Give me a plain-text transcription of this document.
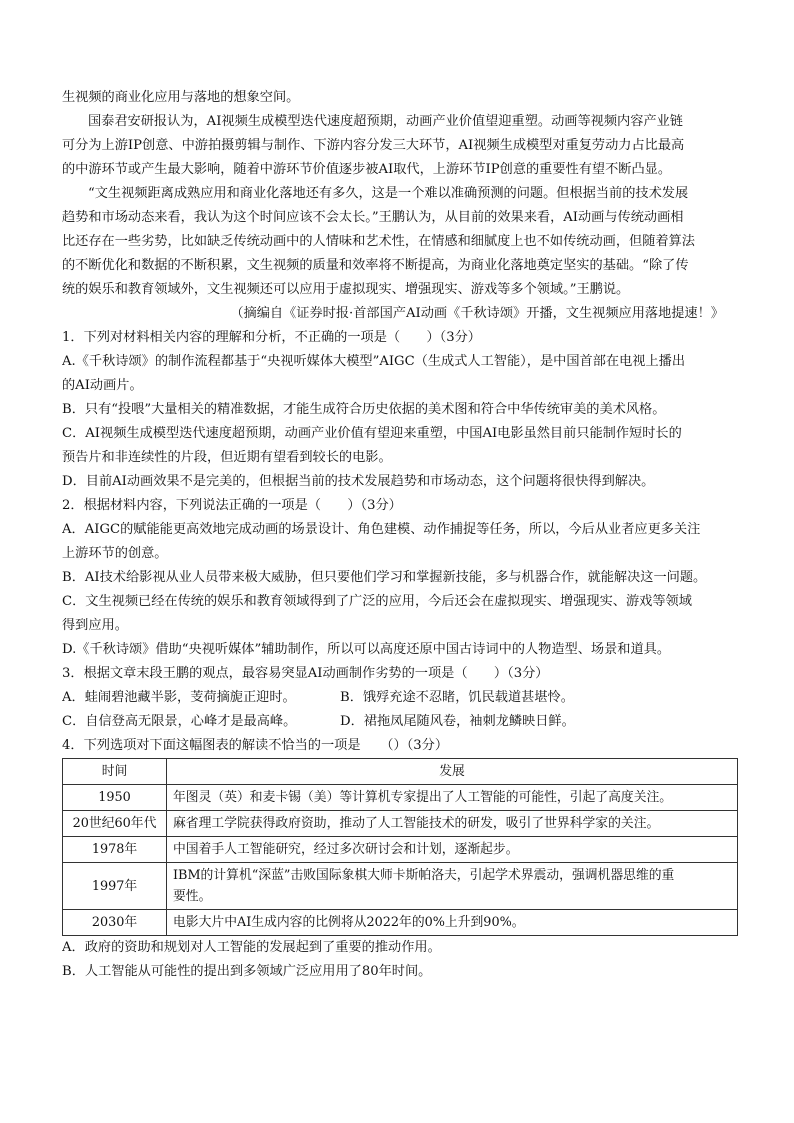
生视频的商业化应用与落地的想象空间。
国泰君安研报认为，AI视频生成模型迭代速度超预期，动画产业价值望迎重塑。动画等视频内容产业链
可分为上游IP创意、中游拍摄剪辑与制作、下游内容分发三大环节，AI视频生成模型对重复劳动力占比最高
的中游环节或产生最大影响，随着中游环节价值逐步被AI取代，上游环节IP创意的重要性有望不断凸显。
“文生视频距离成熟应用和商业化落地还有多久，这是一个难以准确预测的问题。但根据当前的技术发展
趋势和市场动态来看，我认为这个时间应该不会太长。”王鹏认为，从目前的效果来看，AI动画与传统动画相
比还存在一些劣势，比如缺乏传统动画中的人情味和艺术性，在情感和细腻度上也不如传统动画，但随着算法
的不断优化和数据的不断积累，文生视频的质量和效率将不断提高，为商业化落地奠定坚实的基础。“除了传
统的娱乐和教育领域外，文生视频还可以应用于虚拟现实、增强现实、游戏等多个领域。”王鹏说。
（摘编自《证券时报·首部国产AI动画《千秋诗颂》开播，文生视频应用落地提速！》
1．下列对材料相关内容的理解和分析，不正确的一项是（　　）（3分）
A.《千秋诗颂》的制作流程都基于“央视听媒体大模型”AIGC（生成式人工智能），是中国首部在电视上播出
的AI动画片。
B．只有“投喂”大量相关的精准数据，才能生成符合历史依据的美术图和符合中华传统审美的美术风格。
C．AI视频生成模型迭代速度超预期，动画产业价值有望迎来重塑，中国AI电影虽然目前只能制作短时长的
预告片和非连续性的片段，但近期有望看到较长的电影。
D．目前AI动画效果不是完美的，但根据当前的技术发展趋势和市场动态，这个问题将很快得到解决。
2．根据材料内容，下列说法正确的一项是（　　）（3分）
A．AIGC的赋能能更高效地完成动画的场景设计、角色建模、动作捕捉等任务，所以，今后从业者应更多关注
上游环节的创意。
B．AI技术给影视从业人员带来极大威胁，但只要他们学习和掌握新技能，多与机器合作，就能解决这一问题。
C．文生视频已经在传统的娱乐和教育领域得到了广泛的应用，今后还会在虚拟现实、增强现实、游戏等领域
得到应用。
D.《千秋诗颂》借助“央视听媒体”辅助制作，所以可以高度还原中国古诗词中的人物造型、场景和道具。
3．根据文章末段王鹏的观点，最容易突显AI动画制作劣势的一项是（　　）（3分）
A．蛙闹碧池藏半影，芰荷摘旎正迎时。	B．饿殍充途不忍睹，饥民载道甚堪怜。
C．自信登高无限景，心峰才是最高峰。	D．裙拖凤尾随风卷，袖刺龙鳞映日鲜。
4．下列选项对下面这幅图表的解读不恰当的一项是　　（）（3分）
时间	发展
1950	年图灵（英）和麦卡锡（美）等计算机专家提出了人工智能的可能性，引起了高度关注。
20世纪60年代	麻省理工学院获得政府资助，推动了人工智能技术的研发，吸引了世界科学家的关注。
1978年	中国着手人工智能研究，经过多次研讨会和计划，逐渐起步。
1997年	IBM的计算机“深蓝”击败国际象棋大师卡斯帕洛夫，引起学术界震动，强调机器思维的重
要性。

2030年	电影大片中AI生成内容的比例将从2022年的0%上升到90%。
A．政府的资助和规划对人工智能的发展起到了重要的推动作用。
B．人工智能从可能性的提出到多领域广泛应用用了80年时间。
